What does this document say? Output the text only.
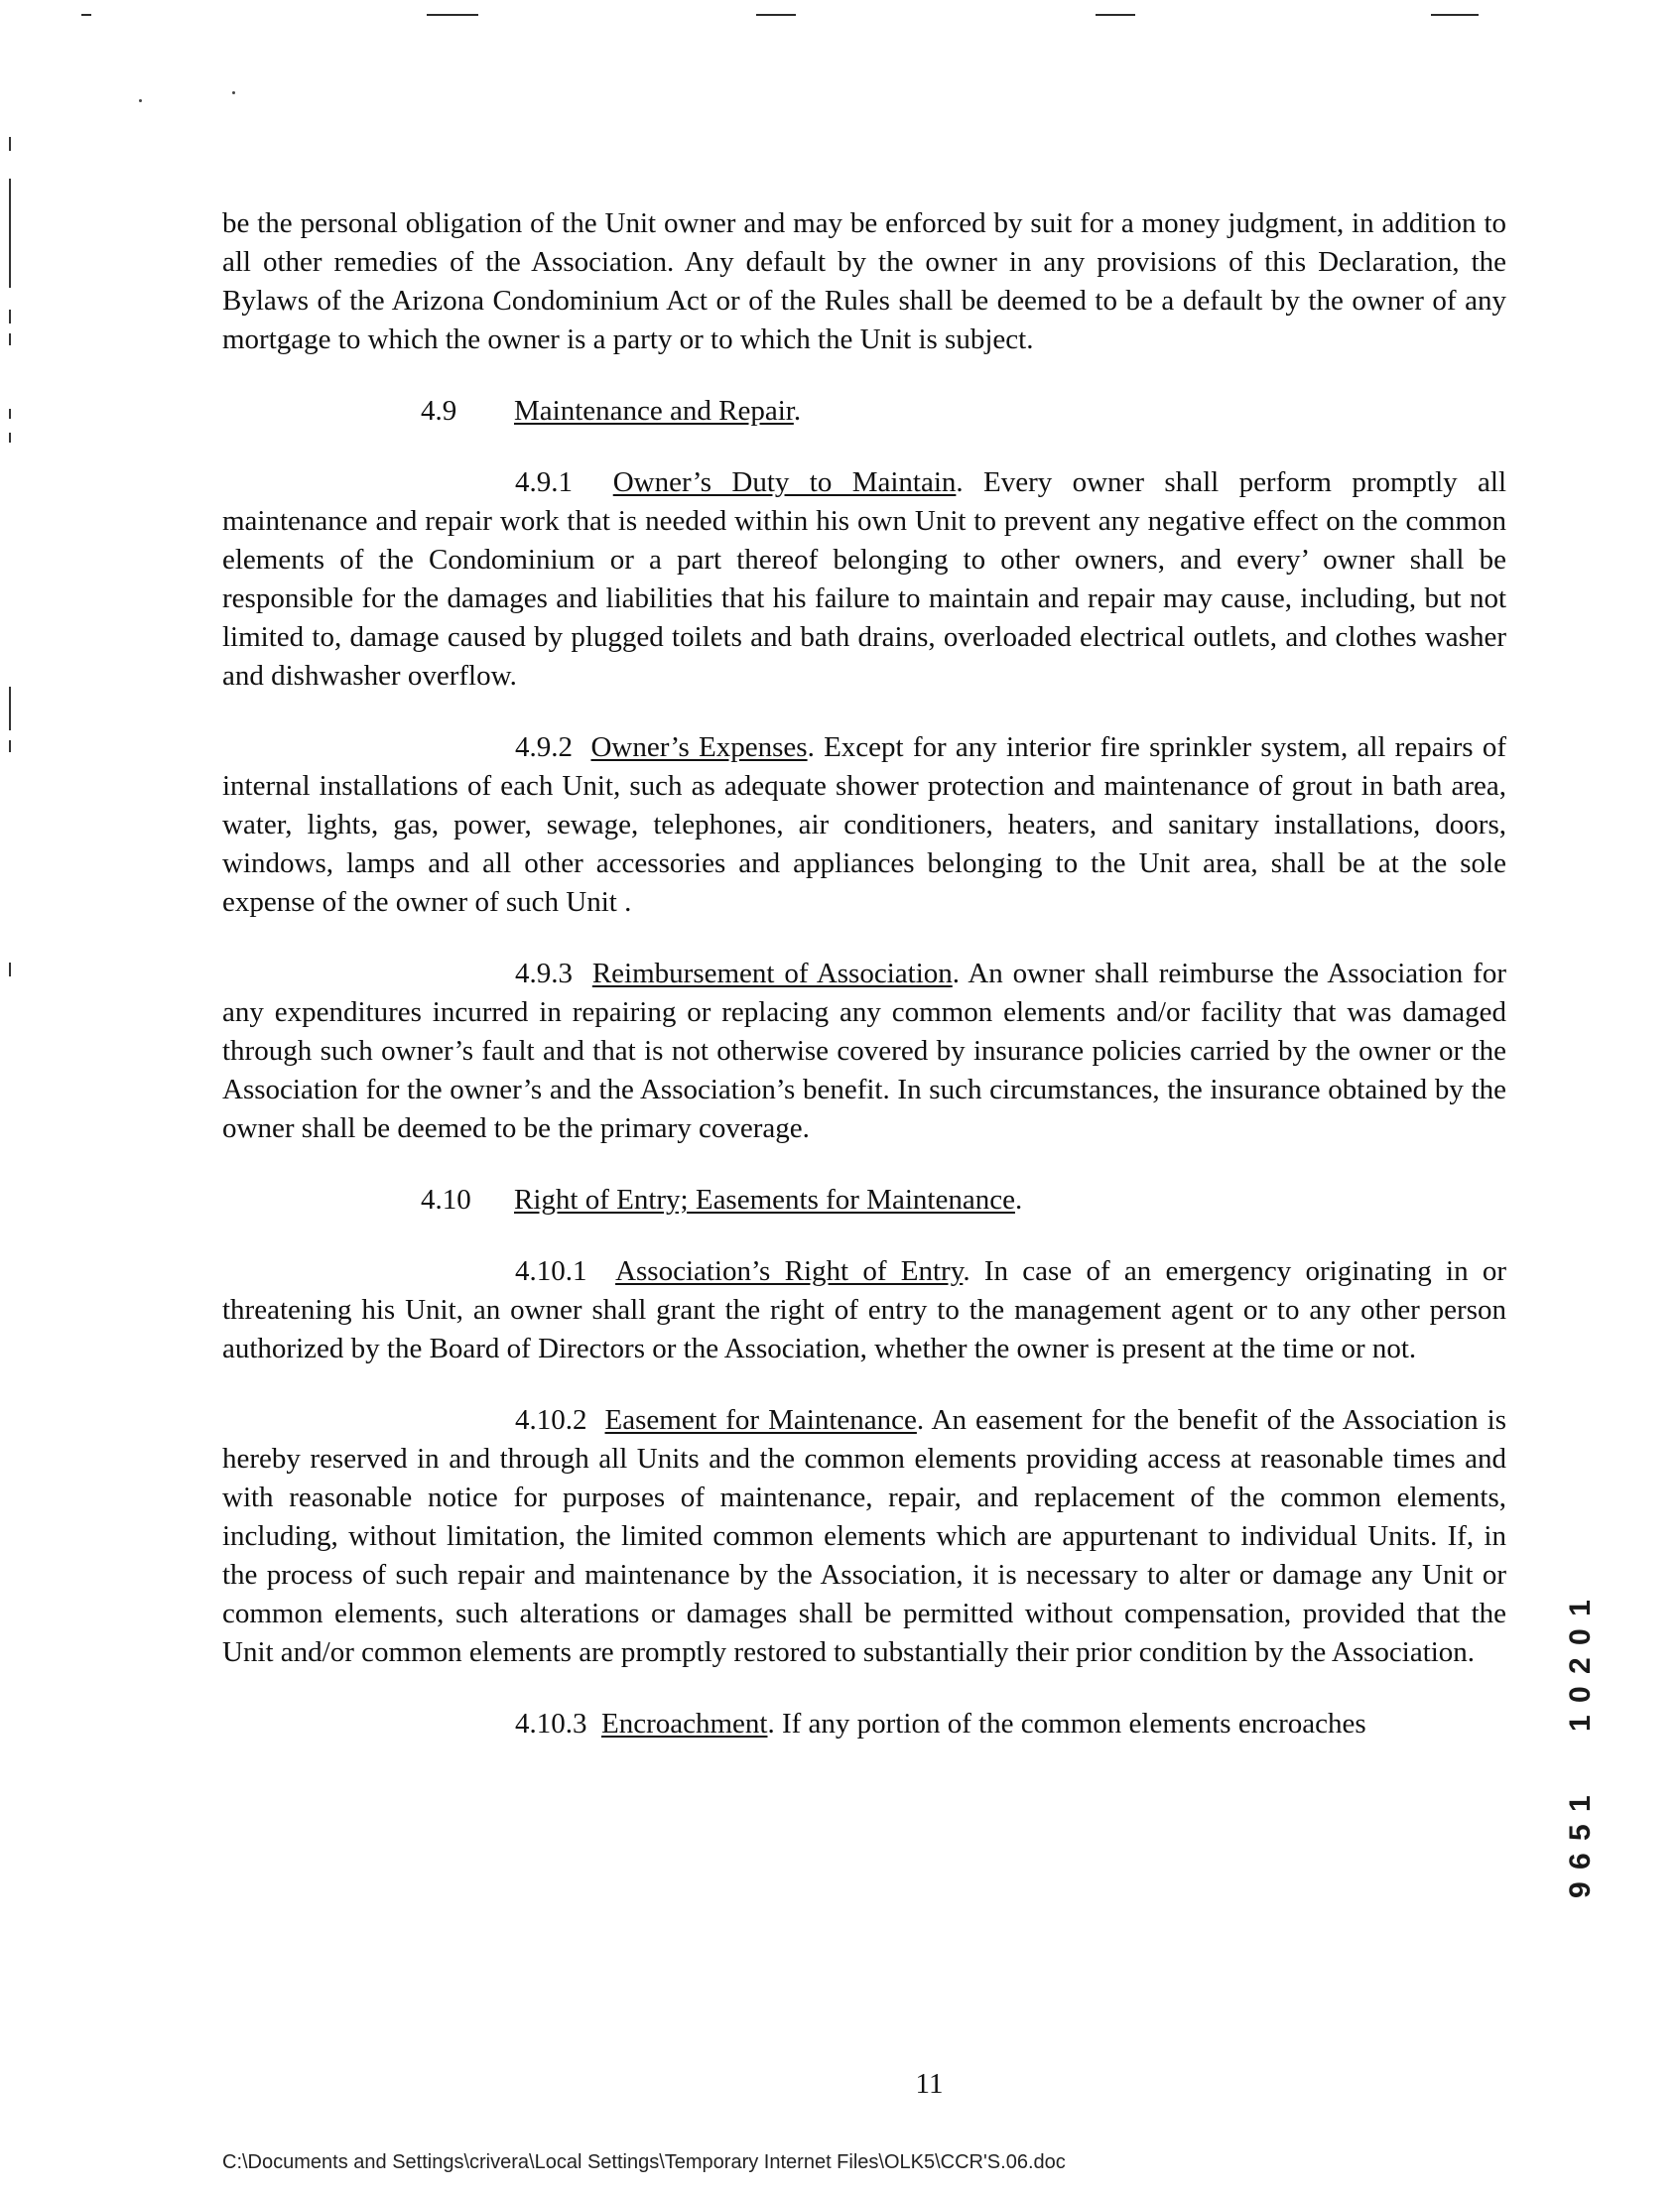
be the personal obligation of the Unit owner and may be enforced by suit for a money judgment, in addition to all other remedies of the Association. Any default by the owner in any provisions of this Declaration, the Bylaws of the Arizona Condominium Act or of the Rules shall be deemed to be a default by the owner of any mortgage to which the owner is a party or to which the Unit is subject.

4.9 Maintenance and Repair.

4.9.1 Owner’s Duty to Maintain. Every owner shall perform promptly all maintenance and repair work that is needed within his own Unit to prevent any negative effect on the common elements of the Condominium or a part thereof belonging to other owners, and every’ owner shall be responsible for the damages and liabilities that his failure to maintain and repair may cause, including, but not limited to, damage caused by plugged toilets and bath drains, overloaded electrical outlets, and clothes washer and dishwasher overflow.

4.9.2 Owner’s Expenses. Except for any interior fire sprinkler system, all repairs of internal installations of each Unit, such as adequate shower protection and maintenance of grout in bath area, water, lights, gas, power, sewage, telephones, air conditioners, heaters, and sanitary installations, doors, windows, lamps and all other accessories and appliances belonging to the Unit area, shall be at the sole expense of the owner of such Unit .

4.9.3 Reimbursement of Association. An owner shall reimburse the Association for any expenditures incurred in repairing or replacing any common elements and/or facility that was damaged through such owner’s fault and that is not otherwise covered by insurance policies carried by the owner or the Association for the owner’s and the Association’s benefit. In such circumstances, the insurance obtained by the owner shall be deemed to be the primary coverage.

4.10 Right of Entry; Easements for Maintenance.

4.10.1 Association’s Right of Entry. In case of an emergency originating in or threatening his Unit, an owner shall grant the right of entry to the management agent or to any other person authorized by the Board of Directors or the Association, whether the owner is present at the time or not.

4.10.2 Easement for Maintenance. An easement for the benefit of the Association is hereby reserved in and through all Units and the common elements providing access at reasonable times and with reasonable notice for purposes of maintenance, repair, and replacement of the common elements, including, without limitation, the limited common elements which are appurtenant to individual Units. If, in the process of such repair and maintenance by the Association, it is necessary to alter or damage any Unit or common elements, such alterations or damages shall be permitted without compensation, provided that the Unit and/or common elements are promptly restored to substantially their prior condition by the Association.

4.10.3 Encroachment. If any portion of the common elements encroaches	1 0 2 0 1
9 6 5 1
11
C:\Documents and Settings\crivera\Local Settings\Temporary Internet Files\OLK5\CCR'S.06.doc
